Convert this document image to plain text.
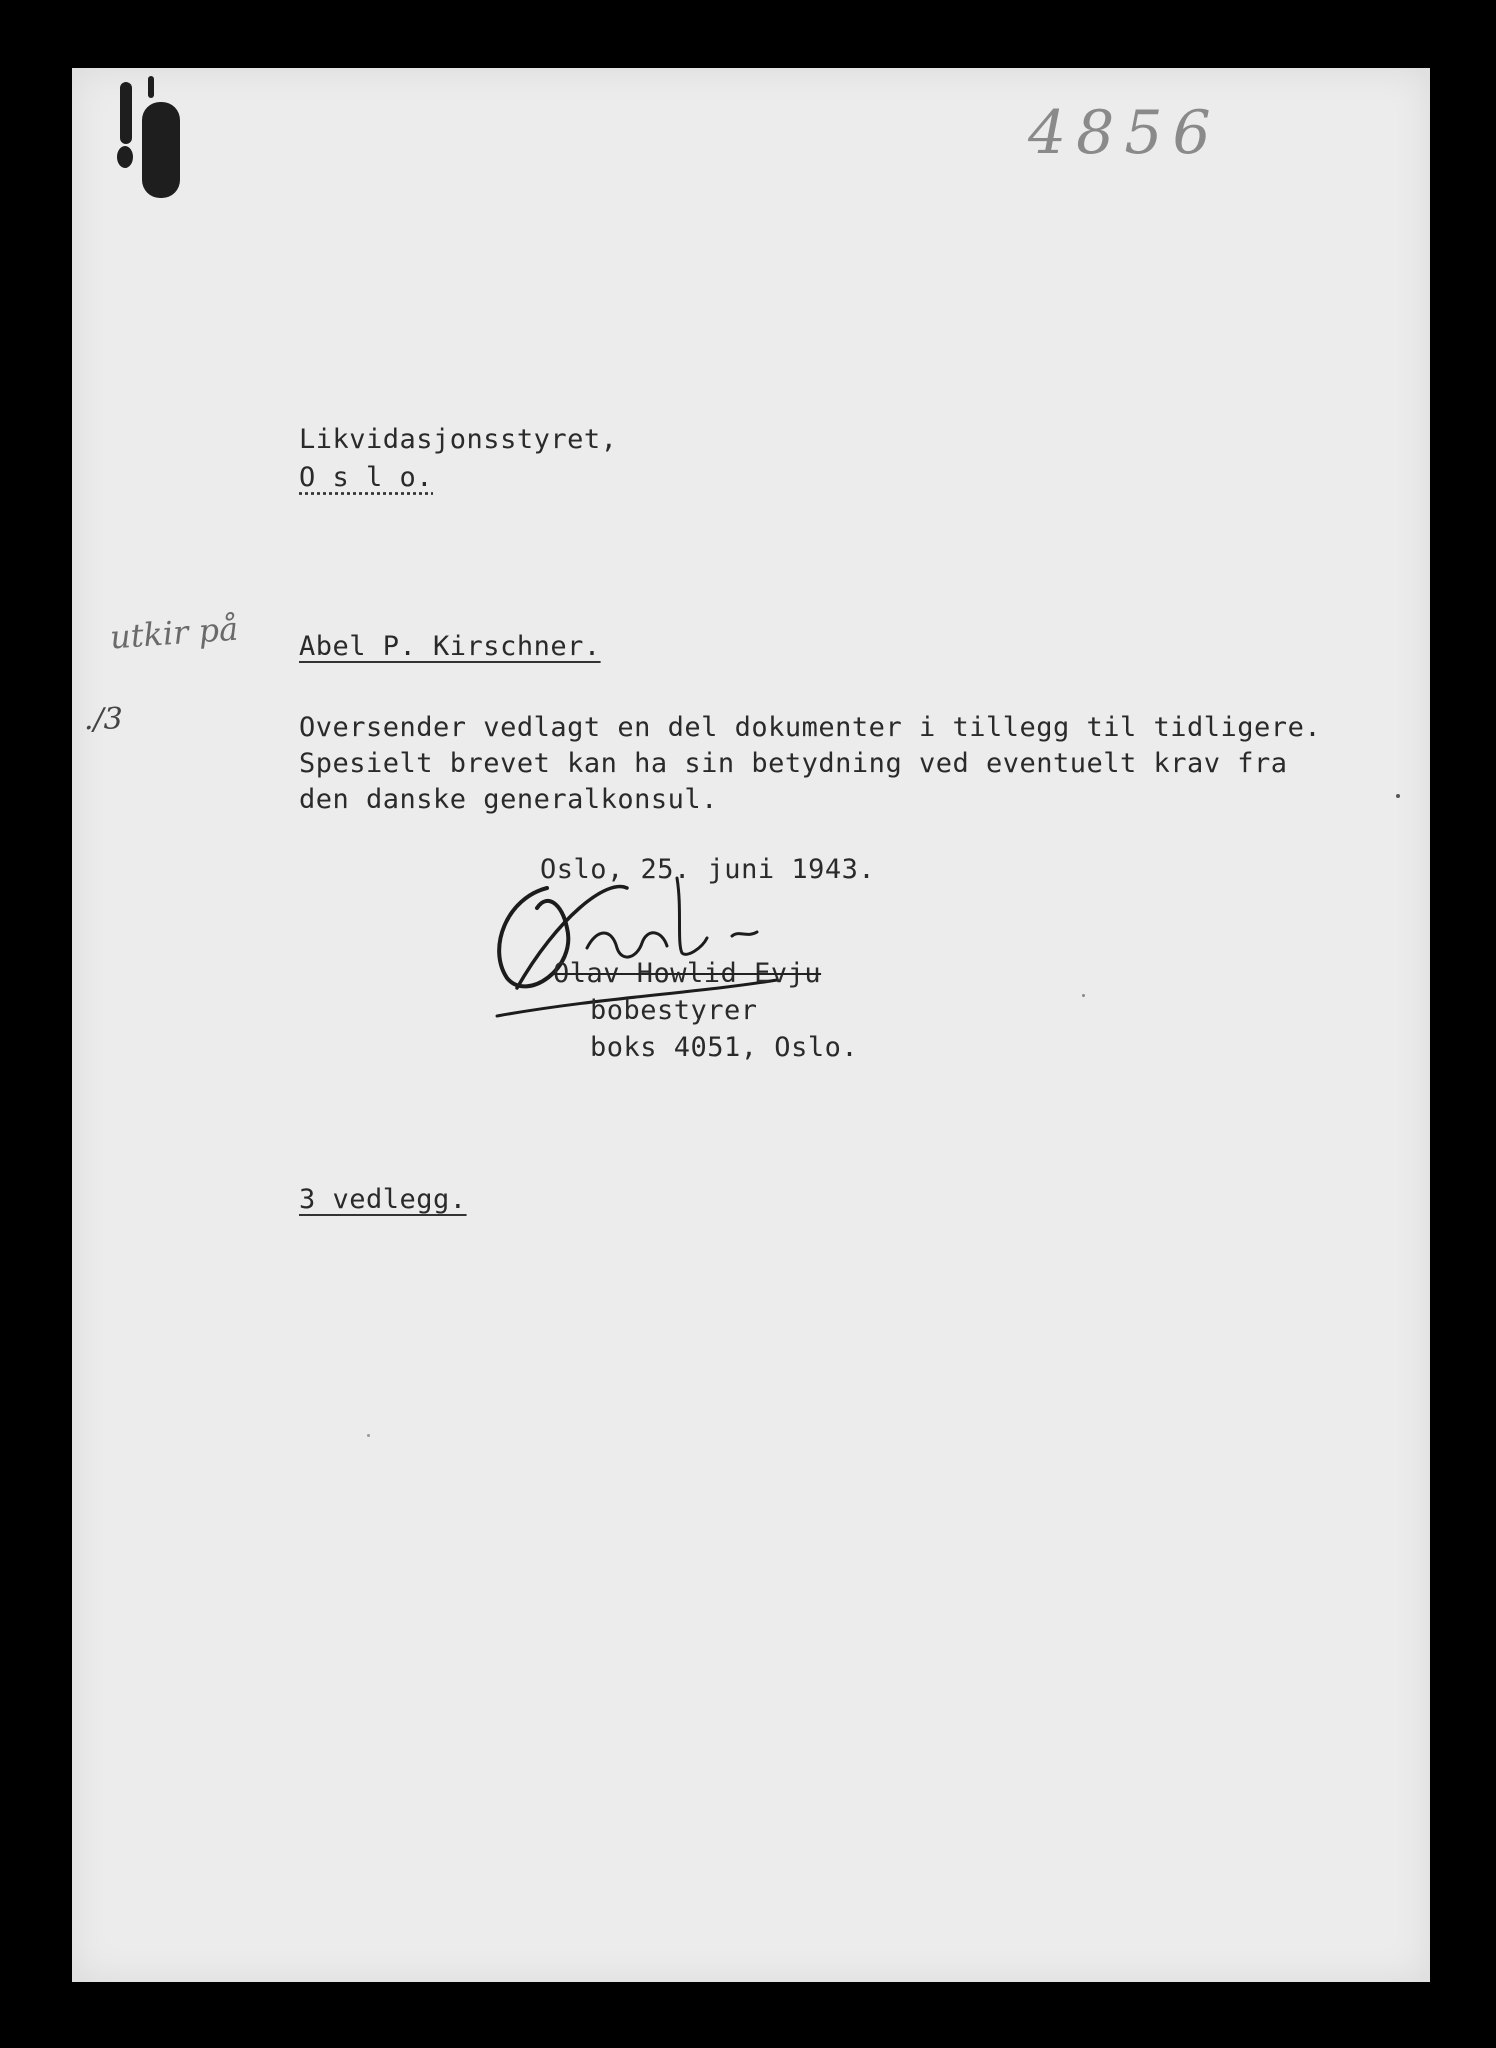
4856
Likvidasjonsstyret,
O s l o.
utkir på Abel P. Kirschner.
./3	Oversender vedlagt en del dokumenter i tillegg til tidligere.
Spesielt brevet kan ha sin betydning ved eventuelt krav fra
den danske generalkonsul.
Oslo, 25. juni 1943.
Olav Howlid Evju
bobestyrer
boks 4051, Oslo.
3 vedlegg.
